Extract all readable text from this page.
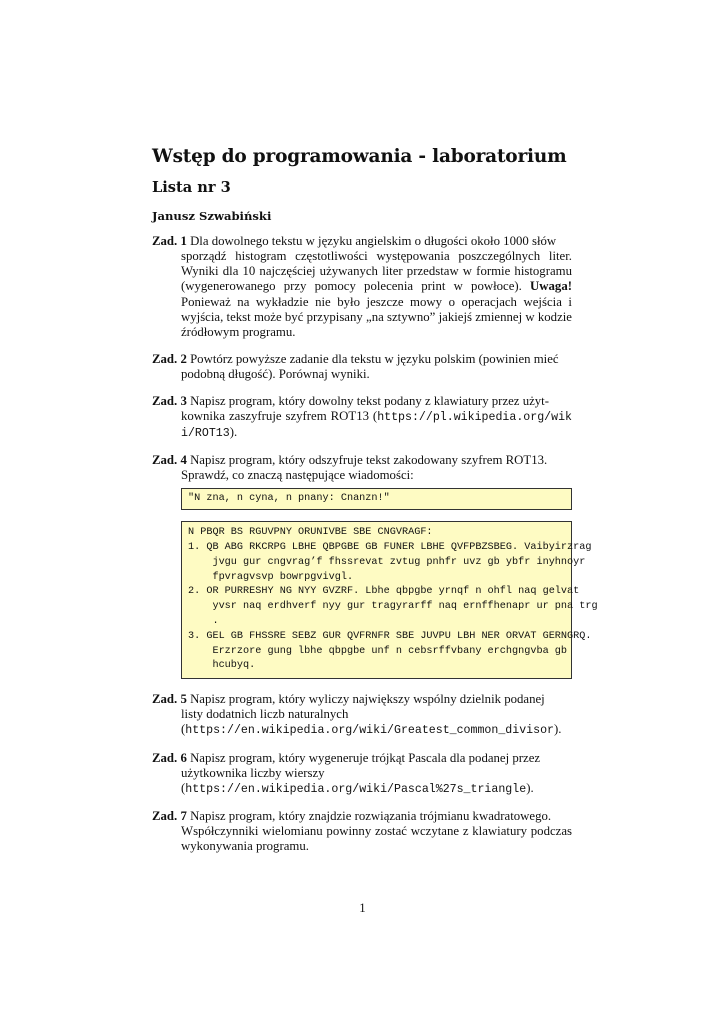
Wstęp do programowania - laboratorium
Lista nr 3
Janusz Szwabiński
Zad. 1 Dla dowolnego tekstu w języku angielskim o długości około 1000 słów
sporządź histogram częstotliwości występowania poszczególnych liter. Wyniki dla 10 najczęściej używanych liter przedstaw w formie histogramu (wygenerowanego przy pomocy polecenia print w powłoce). Uwaga! Ponieważ na wykładzie nie było jeszcze mowy o operacjach wejścia i wyjścia, tekst może być przypisany „na sztywno” jakiejś zmiennej w kodzie źródłowym programu.
Zad. 2 Powtórz powyższe zadanie dla tekstu w języku polskim (powinien mieć
podobną długość). Porównaj wyniki.
Zad. 3 Napisz program, który dowolny tekst podany z klawiatury przez użyt-
kownika zaszyfruje szyfrem ROT13 (https://pl.wikipedia.org/wiki/ROT13).
Zad. 4 Napisz program, który odszyfruje tekst zakodowany szyfrem ROT13.
Sprawdź, co znaczą następujące wiadomości:
"N zna, n cyna, n pnany: Cnanzn!"
N PBQR BS RGUVPNY ORUNIVBE SBE CNGVRAGF:
1. QB ABG RKCRPG LBHE QBPGBE GB FUNER LBHE QVFPBZSBEG. Vaibyirzrag
jvgu gur cngvrag’f fhssrevat zvtug pnhfr uvz gb ybfr inyhnoyr
fpvragvsvp bowrpgvivgl.
2. OR PURRESHY NG NYY GVZRF. Lbhe qbpgbe yrnqf n ohfl naq gelvat
yvsr naq erdhverf nyy gur tragyrarff naq ernffhenapr ur pna trg
.
3. GEL GB FHSSRE SEBZ GUR QVFRNFR SBE JUVPU LBH NER ORVAT GERNGRQ.
Erzrzore gung lbhe qbpgbe unf n cebsrffvbany erchgngvba gb
hcubyq.
Zad. 5 Napisz program, który wyliczy największy wspólny dzielnik podanej
listy dodatnich liczb naturalnych
(https://en.wikipedia.org/wiki/Greatest_common_divisor).
Zad. 6 Napisz program, który wygeneruje trójkąt Pascala dla podanej przez
użytkownika liczby wierszy
(https://en.wikipedia.org/wiki/Pascal%27s_triangle).
Zad. 7 Napisz program, który znajdzie rozwiązania trójmianu kwadratowego.
Współczynniki wielomianu powinny zostać wczytane z klawiatury podczas wykonywania programu.
1
